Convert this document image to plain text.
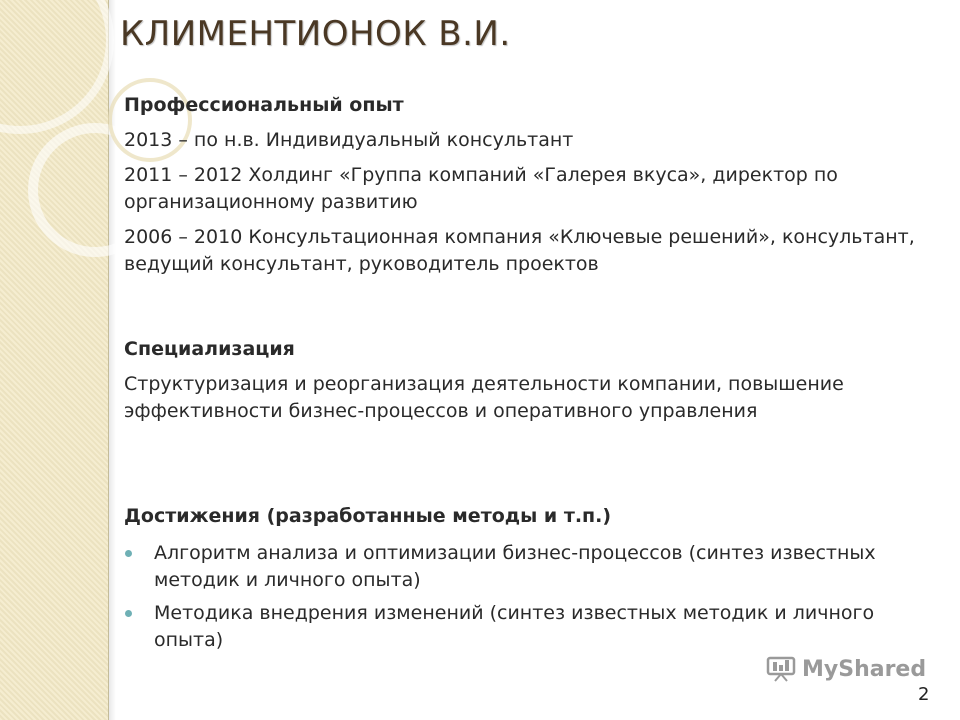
КЛИМЕНТИОНОК В.И.

Профессиональный опыт

2013 – по н.в. Индивидуальный консультант

2011 – 2012 Холдинг «Группа компаний «Галерея вкуса», директор по организационному развитию

2006 – 2010 Консультационная компания «Ключевые решений», консультант, ведущий консультант, руководитель проектов

Специализация

Структуризация и реорганизация деятельности компании, повышение эффективности бизнес-процессов и оперативного управления

Достижения (разработанные методы и т.п.)

Алгоритм анализа и оптимизации бизнес-процессов (синтез известных методик и личного опыта)
Методика внедрения изменений (синтез известных методик и личного опыта)
MyShared
2
